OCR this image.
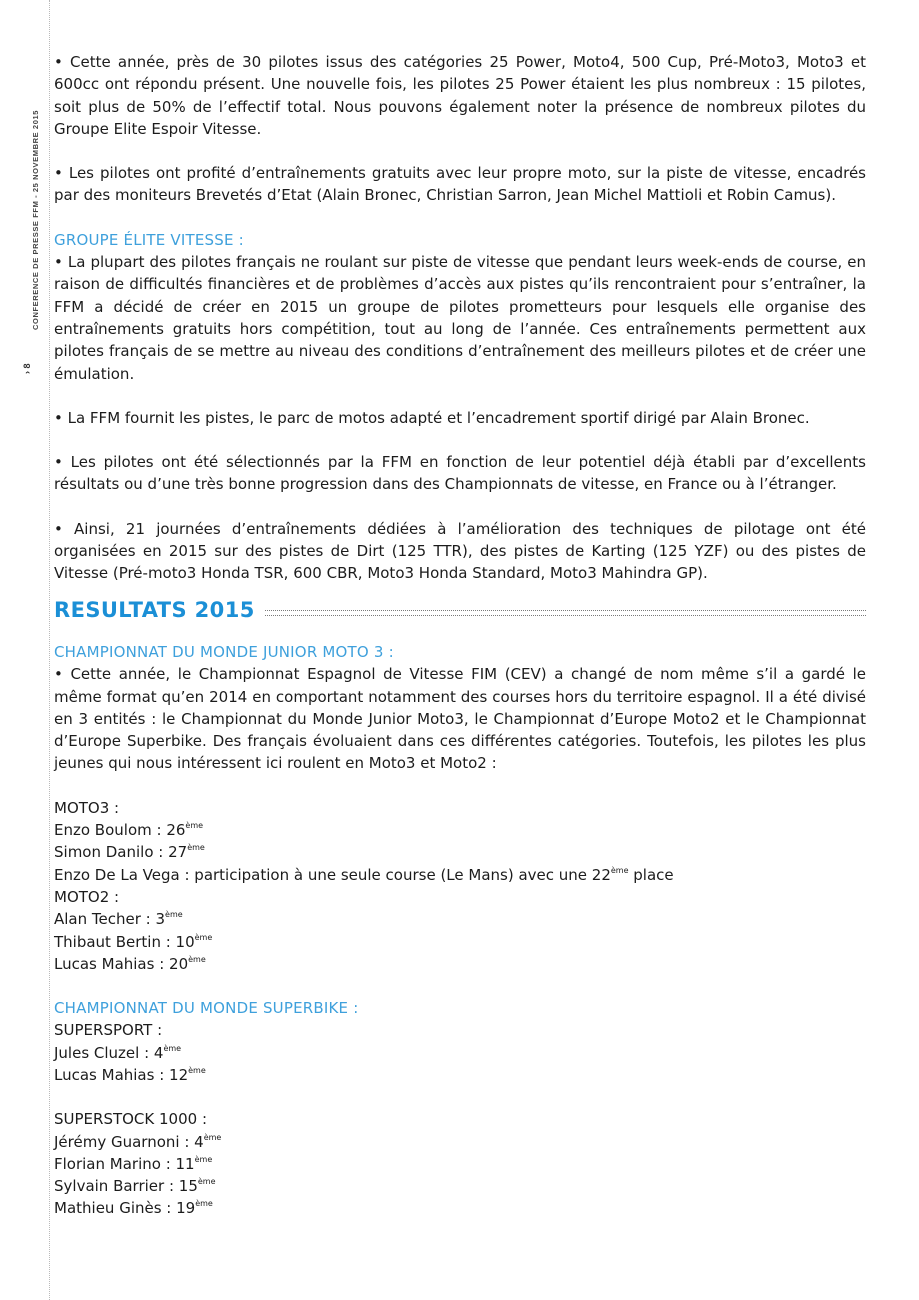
CONFERENCE DE PRESSE FFM - 25 NOVEMBRE 2015
› 8

• Cette année, près de 30 pilotes issus des catégories 25 Power, Moto4, 500 Cup, Pré-Moto3, Moto3 et 600cc ont répondu présent. Une nouvelle fois, les pilotes 25 Power étaient les plus nombreux : 15 pilotes, soit plus de 50% de l’effectif total. Nous pouvons également noter la présence de nombreux pilotes du Groupe Elite Espoir Vitesse.

• Les pilotes ont profité d’entraînements gratuits avec leur propre moto, sur la piste de vitesse, encadrés par des moniteurs Brevetés d’Etat (Alain Bronec, Christian Sarron, Jean Michel Mattioli et Robin Camus).

GROUPE ÉLITE VITESSE :

• La plupart des pilotes français ne roulant sur piste de vitesse que pendant leurs week-ends de course, en raison de difficultés financières et de problèmes d’accès aux pistes qu’ils rencontraient pour s’entraîner, la FFM a décidé de créer en 2015 un groupe de pilotes prometteurs pour lesquels elle organise des entraînements gratuits hors compétition, tout au long de l’année. Ces entraînements permettent aux pilotes français de se mettre au niveau des conditions d’entraînement des meilleurs pilotes et de créer une émulation.

• La FFM fournit les pistes, le parc de motos adapté et l’encadrement sportif dirigé par Alain Bronec.

• Les pilotes ont été sélectionnés par la FFM en fonction de leur potentiel déjà établi par d’excellents résultats ou d’une très bonne progression dans des Championnats de vitesse, en France ou à l’étranger.

• Ainsi, 21 journées d’entraînements dédiées à l’amélioration des techniques de pilotage ont été organisées en 2015 sur des pistes de Dirt (125 TTR), des pistes de Karting (125 YZF) ou des pistes de Vitesse (Pré-moto3 Honda TSR, 600 CBR, Moto3 Honda Standard, Moto3 Mahindra GP).

RESULTATS 2015
CHAMPIONNAT DU MONDE JUNIOR MOTO 3 :

• Cette année, le Championnat Espagnol de Vitesse FIM (CEV) a changé de nom même s’il a gardé le même format qu’en 2014 en comportant notamment des courses hors du territoire espagnol. Il a été divisé en 3 entités : le Championnat du Monde Junior Moto3, le Championnat d’Europe Moto2 et le Championnat d’Europe Superbike. Des français évoluaient dans ces différentes catégories. Toutefois, les pilotes les plus jeunes qui nous intéressent ici roulent en Moto3 et Moto2 :

MOTO3 :
Enzo Boulom : 26ème
Simon Danilo : 27ème
Enzo De La Vega : participation à une seule course (Le Mans) avec une 22ème place
MOTO2 :
Alan Techer : 3ème
Thibaut Bertin : 10ème
Lucas Mahias : 20ème
CHAMPIONNAT DU MONDE SUPERBIKE :
SUPERSPORT :
Jules Cluzel : 4ème
Lucas Mahias : 12ème
SUPERSTOCK 1000 :
Jérémy Guarnoni : 4ème
Florian Marino : 11ème
Sylvain Barrier : 15ème
Mathieu Ginès : 19ème
